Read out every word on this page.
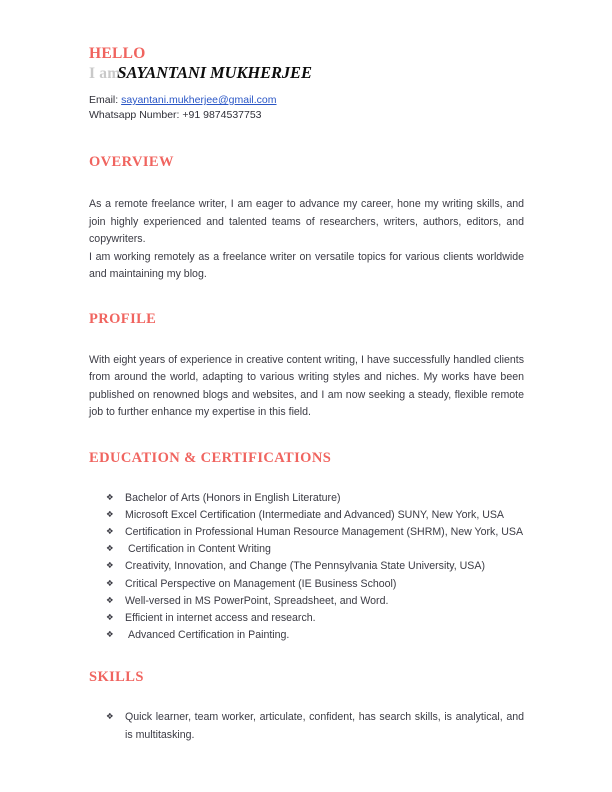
HELLO
I amSAYANTANI MUKHERJEE
Email: sayantani.mukherjee@gmail.com
Whatsapp Number: +91 9874537753
OVERVIEW

As a remote freelance writer, I am eager to advance my career, hone my writing skills, and join highly experienced and talented teams of researchers, writers, authors, editors, and copywriters.

I am working remotely as a freelance writer on versatile topics for various clients worldwide and maintaining my blog.

PROFILE

With eight years of experience in creative content writing, I have successfully handled clients from around the world, adapting to various writing styles and niches. My works have been published on renowned blogs and websites, and I am now seeking a steady, flexible remote job to further enhance my expertise in this field.

EDUCATION & CERTIFICATIONS
❖ Bachelor of Arts (Honors in English Literature)
❖ Microsoft Excel Certification (Intermediate and Advanced) SUNY, New York, USA
❖ Certification in Professional Human Resource Management (SHRM), New York, USA
❖ Certification in Content Writing
❖ Creativity, Innovation, and Change (The Pennsylvania State University, USA)
❖ Critical Perspective on Management (IE Business School)
❖ Well-versed in MS PowerPoint, Spreadsheet, and Word.
❖ Efficient in internet access and research.
❖ Advanced Certification in Painting.
SKILLS
❖ Quick learner, team worker, articulate, confident, has search skills, is analytical, and is multitasking.
